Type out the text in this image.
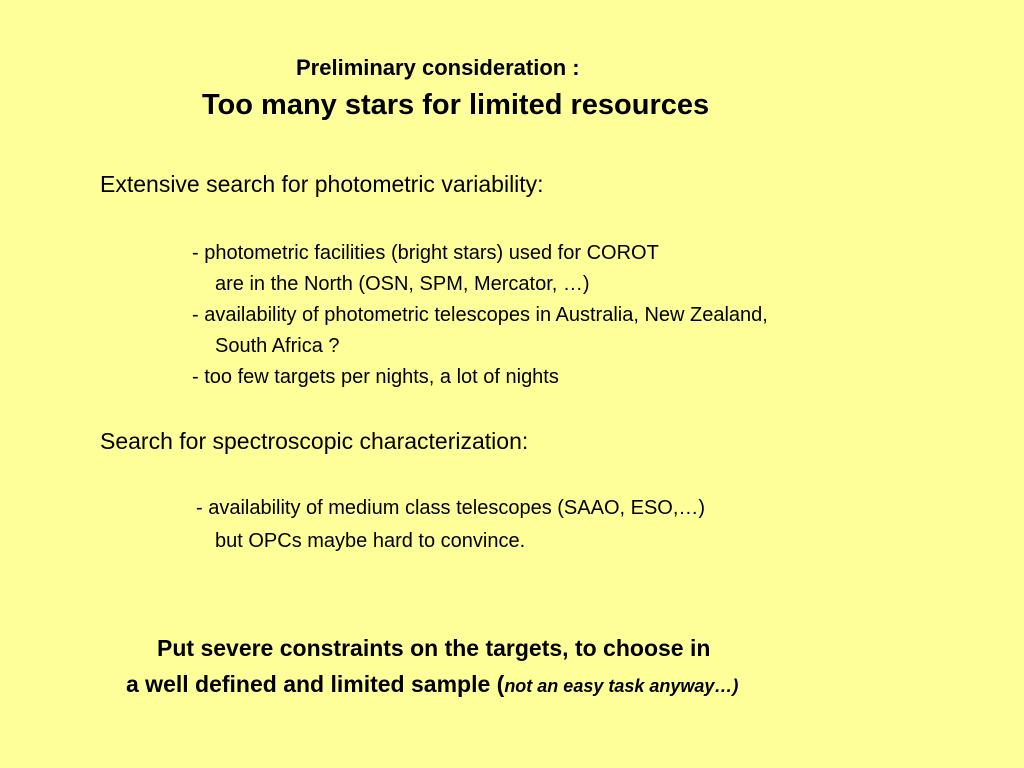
Preliminary consideration :
Too many stars for limited resources
Extensive search for photometric variability:
- photometric facilities (bright stars) used for COROT
are in the North (OSN, SPM, Mercator, …)
- availability of photometric telescopes in Australia, New Zealand,
South Africa ?
- too few targets per nights, a lot of nights
Search for spectroscopic characterization:
- availability of medium class telescopes (SAAO, ESO,…)
but OPCs maybe hard to convince.
Put severe constraints on the targets, to choose in
a well defined and limited sample (not an easy task anyway…)
